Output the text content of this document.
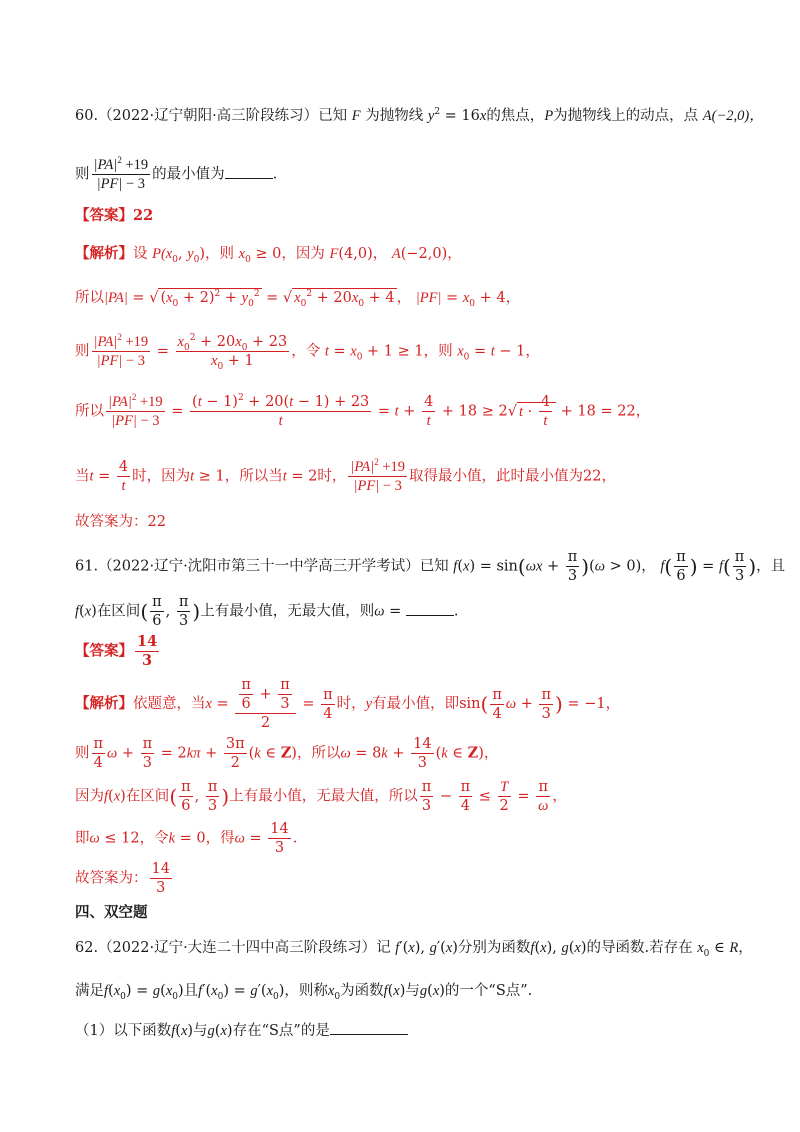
60.（2022·辽宁朝阳·高三阶段练习）已知 F 为抛物线 $y^2 = 16x$的焦点，P为抛物线上的动点，点 A(−2,0)，
则 $\frac{|PA|^2 +19}{|PF| - 3}$ 的最小值为	.
【答案】22
【解析】设 $P(x_0$, $y_0$)，则 $x_0 \ge 0$，因为 F(4,0)， A(−2,0)，
所以|PA| = √ $(x_0 + 2)^2 + y_0^2$ = √ $x_0^2 + 20x_0 + 4$ ， $|PF| = x_0 + 4$，
则 $\frac{|PA|^2 +19}{|PF| - 3} = \frac{x_0^2 + 20x_0 + 23}{x_0 + 1}$ ，令 $t = x_0 + 1 \ge 1$，则 $x_0 = t - 1$，
所以 $\frac{|PA|^2 +19}{|PF| - 3} = \frac{(t - 1)^2 + 20(t - 1) + 23}{t} = t + \frac{4}{t} + 18 \ge 2√$ $t \cdot \frac{4}{t} + 18 = 22$，
当$t = \frac{4}{t}$ 时，因为t ≥ 1，所以当t = 2时， $\frac{|PA|^2 +19}{|PF| - 3}$ 取得最小值，此时最小值为22，
故答案为：22
61.（2022·辽宁·沈阳市第三十一中学高三开学考试）已知 $f(x) = \sin(\omega x + \frac{\pi}{3} )(\omega > 0)$， $f( \frac{\pi}{6}$ ) = $f( \frac{\pi}{3}$ )，且
f(x)在区间( $\frac{\pi}{6}$ , $\frac{\pi}{3}$ )上有最小值，无最大值，则ω =	.
【答案】 $\frac{14}{3}$
【解析】依题意，当$x = \frac{\frac{\pi}{6} + \frac{\pi}{3}}{2} = \frac{\pi}{4}$ 时，y有最小值，即$\sin( \frac{\pi}{4}$ $\omega + \frac{\pi}{3}$ ) = −1，
则 $\frac{\pi}{4}$ $\omega + \frac{\pi}{3} = 2k\pi + \frac{3\pi}{2} (k$ ∈ Z)，所以$\omega = 8k + \frac{14}{3} (k$ ∈ Z)，
因为f(x)在区间( $\frac{\pi}{6}$ , $\frac{\pi}{3}$ )上有最小值，无最大值，所以 $\frac{\pi}{3} - \frac{\pi}{4} \le \frac{T}{2} = \frac{\pi}{\omega}$ ，
即ω ≤ 12，令k = 0，得$\omega = \frac{14}{3}$ .
故答案为： $\frac{14}{3}$
四、双空题
62.（2022·辽宁·大连二十四中高三阶段练习）记 f′(x), g′(x)分别为函数f(x), g(x)的导函数.若存在 $x_0$ ∈ R，
满足$f(x_0) = g(x_0)$且$f'(x_0) = g'(x_0)$，则称$x_0$为函数f(x)与g(x)的一个“S点”.
（1）以下函数f(x)与g(x)存在“S点”的是
